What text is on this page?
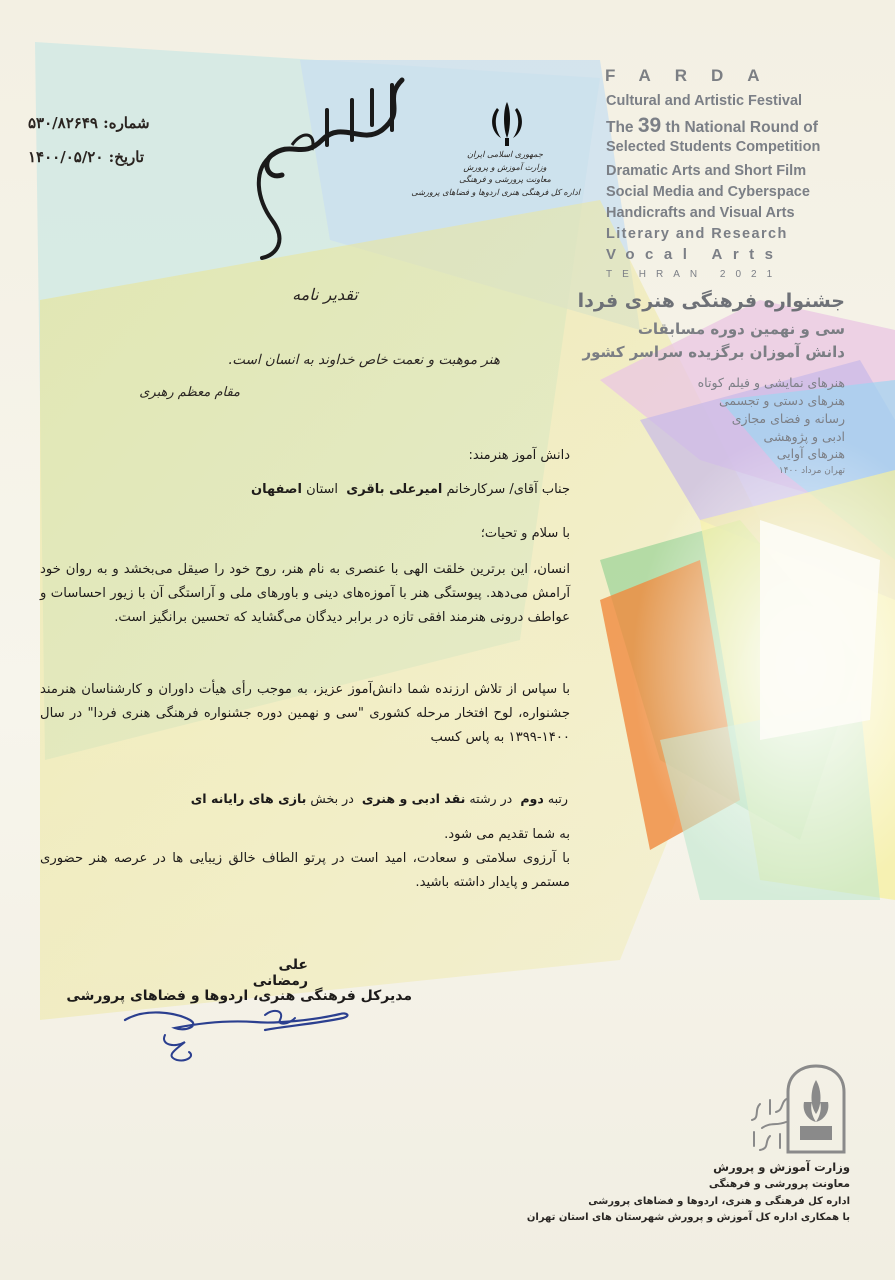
شماره: ۵۳۰/۸۲۶۴۹
تاریخ: ۱۴۰۰/۰۵/۲۰	جمهوری اسلامی ایران
وزارت آموزش و پرورش
معاونت پرورشی و فرهنگی
اداره کل فرهنگی هنری اردوها و فضاهای پرورشی
FARDA
Cultural and Artistic Festival
The 39 th National Round of
Selected Students Competition
Dramatic Arts and Short Film
Social Media and Cyberspace
Handicrafts and Visual Arts
Literary and Research
Vocal Arts
TEHRAN 2021
جشنواره فرهنگی هنری فردا
سی و نهمین دوره مسابقات
دانش آموزان برگزیده سراسر کشور
هنرهای نمایشی و فیلم کوتاه
هنرهای دستی و تجسمی
رسانه و فضای مجازی
ادبی و پژوهشی
هنرهای آوایی
تهران مرداد ۱۴۰۰
تقدیر نامه
هنر موهبت و نعمت خاص خداوند به انسان است.
مقام معظم رهبری
دانش آموز هنرمند:
جناب آقای/ سرکارخانم امیرعلی باقری  استان اصفهان
با سلام و تحیات؛
انسان، این برترین خلقت الهی با عنصری به نام هنر، روح خود را صیقل می‌بخشد و به روان خود آرامش می‌دهد. پیوستگی هنر با آموزه‌های دینی و باورهای ملی و آراستگی آن با زیور احساسات و عواطف درونی هنرمند افقی تازه در برابر دیدگان می‌گشاید که تحسین برانگیز است.
با سپاس از تلاش ارزنده شما دانش‌آموز عزیز، به موجب رأی هیأت داوران و کارشناسان هنرمند جشنواره، لوح افتخار مرحله کشوری "سی و نهمین دوره جشنواره فرهنگی هنری فردا" در سال ۱۴۰۰-۱۳۹۹ به پاس کسب
رتبه دوم  در رشته نقد ادبی و هنری  در بخش بازی های رایانه ای
به شما تقدیم می شود.
با آرزوی سلامتی و سعادت، امید است در پرتو الطاف خالق زیبایی ها در عرصه هنر حضوری مستمر و پایدار داشته باشید.
علی رمضانی
مدیرکل فرهنگی هنری، اردوها و فضاهای پرورشی
وزارت آموزش و پرورش
معاونت پرورشی و فرهنگی
اداره کل فرهنگی و هنری، اردوها و فضاهای پرورشی
با همکاری اداره کل آموزش و پرورش شهرستان های استان تهران
